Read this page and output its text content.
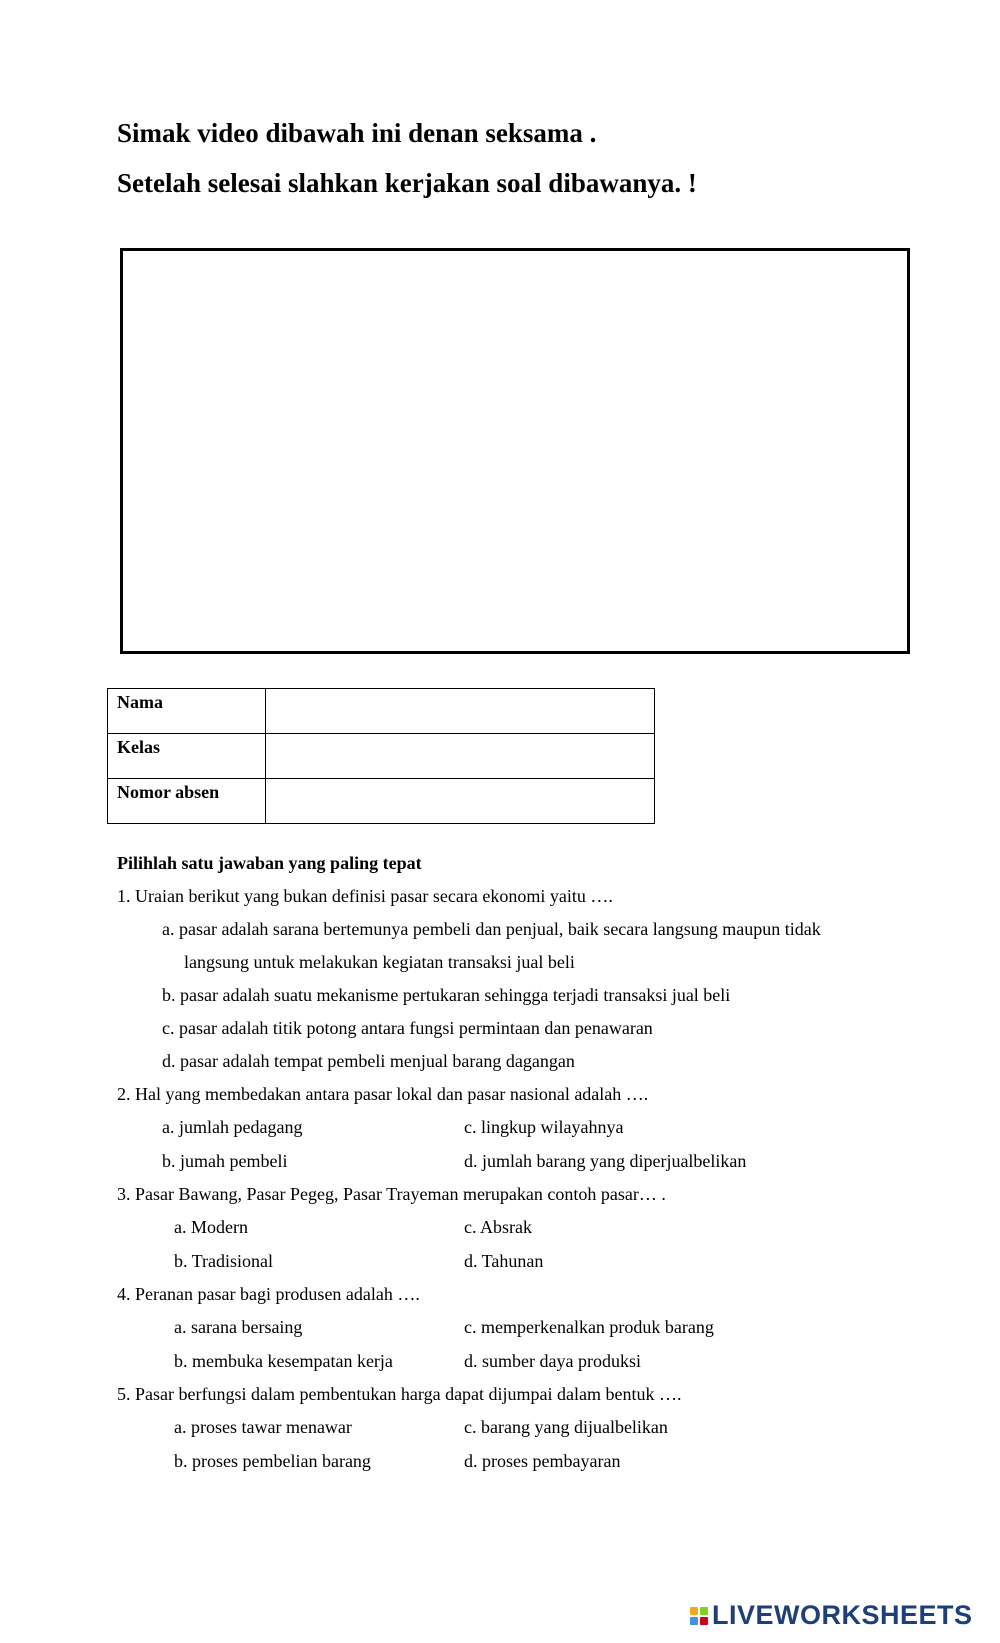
Simak video dibawah ini denan seksama .
Setelah selesai slahkan kerjakan soal dibawanya. !
Nama	
Kelas	
Nomor absen	

Pilihlah satu jawaban yang paling tepat

1. Uraian berikut yang bukan definisi pasar secara ekonomi yaitu ….

a. pasar adalah sarana bertemunya pembeli dan penjual, baik secara langsung maupun tidak

langsung untuk melakukan kegiatan transaksi jual beli

b. pasar adalah suatu mekanisme pertukaran sehingga terjadi transaksi jual beli

c. pasar adalah titik potong antara fungsi permintaan dan penawaran

d. pasar adalah tempat pembeli menjual barang dagangan

2. Hal yang membedakan antara pasar lokal dan pasar nasional adalah ….

a. jumlah pedagang	c. lingkup wilayahnya

b. jumah pembeli	d. jumlah barang yang diperjualbelikan

3. Pasar Bawang, Pasar Pegeg, Pasar Trayeman merupakan contoh pasar… .

a. Modern	c. Absrak

b. Tradisional	d. Tahunan

4. Peranan pasar bagi produsen adalah ….

a. sarana bersaing	c. memperkenalkan produk barang

b. membuka kesempatan kerja	d. sumber daya produksi

5. Pasar berfungsi dalam pembentukan harga dapat dijumpai dalam bentuk ….

a. proses tawar menawar	c. barang yang dijualbelikan

b. proses pembelian barang	d. proses pembayaran

LIVEWORKSHEETS
